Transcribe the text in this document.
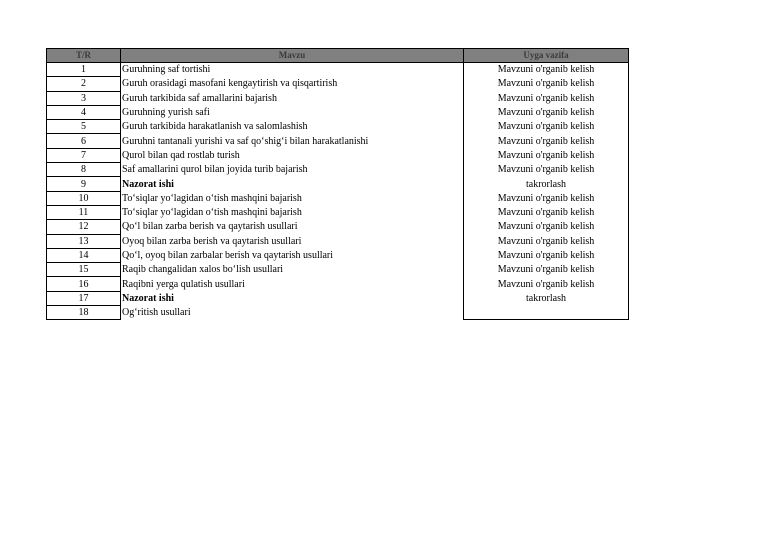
T/R	Mavzu	Uyga vazifa
1	Guruhning saf tortishi	Mavzuni o'rganib kelish
2	Guruh orasidagi masofani kengaytirish va qisqartirish	Mavzuni o'rganib kelish
3	Guruh tarkibida saf amallarini bajarish	Mavzuni o'rganib kelish
4	Guruhning yurish safi	Mavzuni o'rganib kelish
5	Guruh tarkibida harakatlanish va salomlashish	Mavzuni o'rganib kelish
6	Guruhni tantanali yurishi va saf qo‘shig‘i bilan harakatlanishi	Mavzuni o'rganib kelish
7	Qurol bilan qad rostlab turish	Mavzuni o'rganib kelish
8	Saf amallarini qurol bilan joyida turib bajarish	Mavzuni o'rganib kelish
9	Nazorat ishi	takrorlash
10	To‘siqlar yo‘lagidan o‘tish mashqini bajarish	Mavzuni o'rganib kelish
11	To‘siqlar yo‘lagidan o‘tish mashqini bajarish	Mavzuni o'rganib kelish
12	Qo‘l bilan zarba berish va qaytarish usullari	Mavzuni o'rganib kelish
13	Oyoq bilan zarba berish va qaytarish usullari	Mavzuni o'rganib kelish
14	Qo‘l, oyoq bilan zarbalar berish va qaytarish usullari	Mavzuni o'rganib kelish
15	Raqib changalidan xalos bo‘lish usullari	Mavzuni o'rganib kelish
16	Raqibni yerga qulatish usullari	Mavzuni o'rganib kelish
17	Nazorat ishi	takrorlash
18	Og‘ritish usullari	
